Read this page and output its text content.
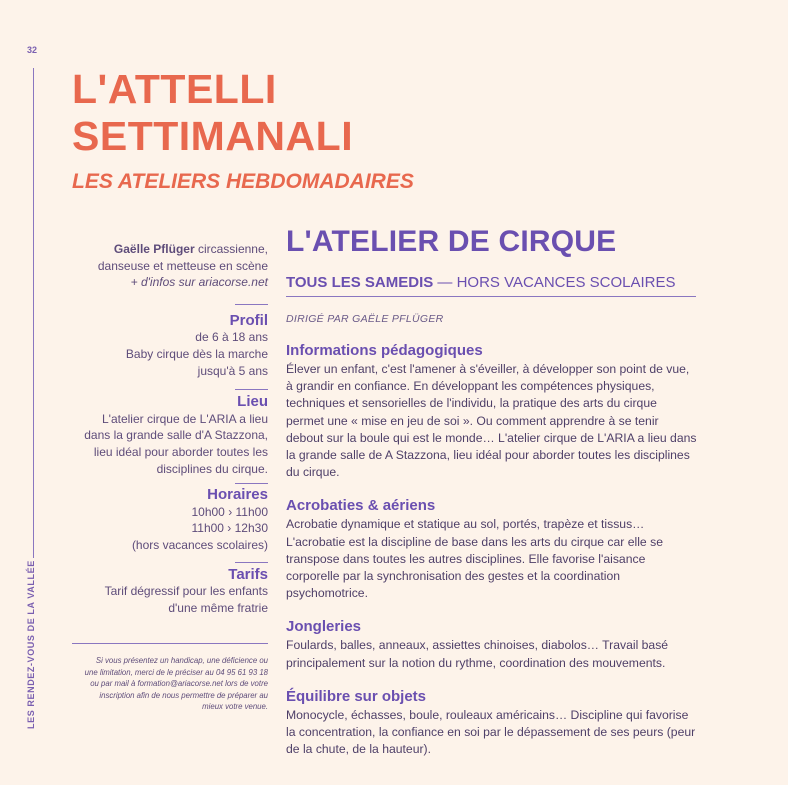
32
LES RENDEZ-VOUS DE LA VALLÉE
L'ATTELLI
SETTIMANALI
LES ATELIERS HEBDOMADAIRES

Gaëlle Pflüger circassienne,

danseuse et metteuse en scène

+ d'infos sur ariacorse.net

Profil

de 6 à 18 ans

Baby cirque dès la marche

jusqu'à 5 ans

Lieu

L'atelier cirque de L'ARIA a lieu

dans la grande salle d'A Stazzona,

lieu idéal pour aborder toutes les

disciplines du cirque.

Horaires

10h00 › 11h00

11h00 › 12h30

(hors vacances scolaires)

Tarifs

Tarif dégressif pour les enfants

d'une même fratrie

Si vous présentez un handicap, une déficience ou
une limitation, merci de le préciser au 04 95 61 93 18
ou par mail à formation@ariacorse.net lors de votre
inscription afin de nous permettre de préparer au
mieux votre venue.
L'ATELIER DE CIRQUE
TOUS LES SAMEDIS — HORS VACANCES SCOLAIRES
DIRIGÉ PAR GAËLE PFLÜGER
Informations pédagogiques

Élever un enfant, c'est l'amener à s'éveiller, à développer son point de vue, à grandir en confiance. En développant les compétences physiques, techniques et sensorielles de l'individu, la pratique des arts du cirque permet une « mise en jeu de soi ». Ou comment apprendre à se tenir debout sur la boule qui est le monde… L'atelier cirque de L'ARIA a lieu dans la grande salle de A Stazzona, lieu idéal pour aborder toutes les disciplines du cirque.

Acrobaties & aériens

Acrobatie dynamique et statique au sol, portés, trapèze et tissus… L'acrobatie est la discipline de base dans les arts du cirque car elle se transpose dans toutes les autres disciplines. Elle favorise l'aisance corporelle par la synchronisation des gestes et la coordination psychomotrice.

Jongleries

Foulards, balles, anneaux, assiettes chinoises, diabolos… Travail basé principalement sur la notion du rythme, coordination des mouvements.

Équilibre sur objets

Monocycle, échasses, boule, rouleaux américains… Discipline qui favorise la concentration, la confiance en soi par le dépassement de ses peurs (peur de la chute, de la hauteur).
